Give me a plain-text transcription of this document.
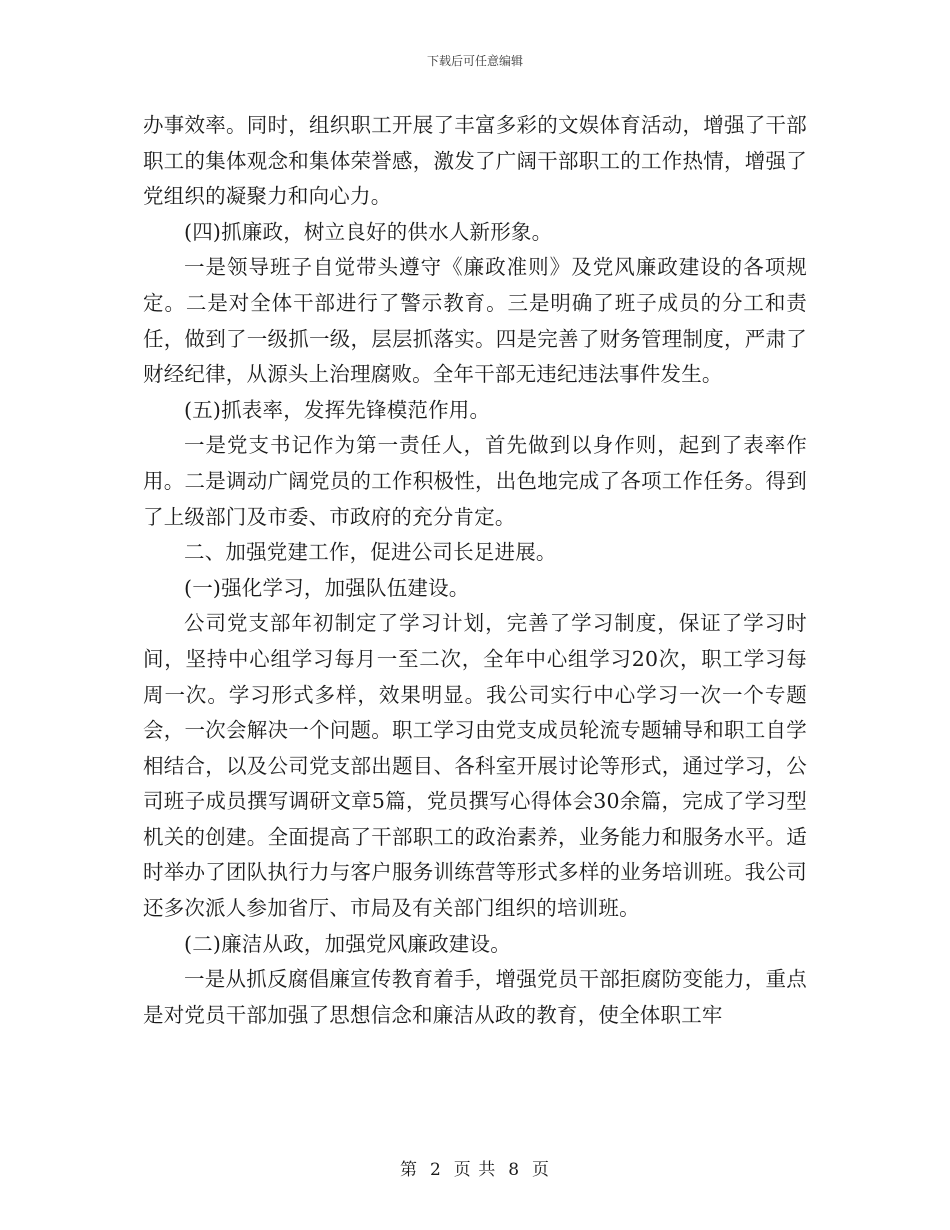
下载后可任意编辑

办事效率。同时，组织职工开展了丰富多彩的文娱体育活动，增强了干部职工的集体观念和集体荣誉感，激发了广阔干部职工的工作热情，增强了党组织的凝聚力和向心力。

(四)抓廉政，树立良好的供水人新形象。

一是领导班子自觉带头遵守《廉政准则》及党风廉政建设的各项规定。二是对全体干部进行了警示教育。三是明确了班子成员的分工和责任，做到了一级抓一级，层层抓落实。四是完善了财务管理制度，严肃了财经纪律，从源头上治理腐败。全年干部无违纪违法事件发生。

(五)抓表率，发挥先锋模范作用。

一是党支书记作为第一责任人，首先做到以身作则，起到了表率作用。二是调动广阔党员的工作积极性，出色地完成了各项工作任务。得到了上级部门及市委、市政府的充分肯定。

二、加强党建工作，促进公司长足进展。

(一)强化学习，加强队伍建设。

公司党支部年初制定了学习计划，完善了学习制度，保证了学习时间，坚持中心组学习每月一至二次，全年中心组学习20次，职工学习每周一次。学习形式多样，效果明显。我公司实行中心学习一次一个专题会，一次会解决一个问题。职工学习由党支成员轮流专题辅导和职工自学相结合，以及公司党支部出题目、各科室开展讨论等形式，通过学习，公司班子成员撰写调研文章5篇，党员撰写心得体会30余篇，完成了学习型机关的创建。全面提高了干部职工的政治素养，业务能力和服务水平。适时举办了团队执行力与客户服务训练营等形式多样的业务培训班。我公司还多次派人参加省厅、市局及有关部门组织的培训班。

(二)廉洁从政，加强党风廉政建设。

一是从抓反腐倡廉宣传教育着手，增强党员干部拒腐防变能力，重点是对党员干部加强了思想信念和廉洁从政的教育，使全体职工牢

第 2 页 共 8 页
